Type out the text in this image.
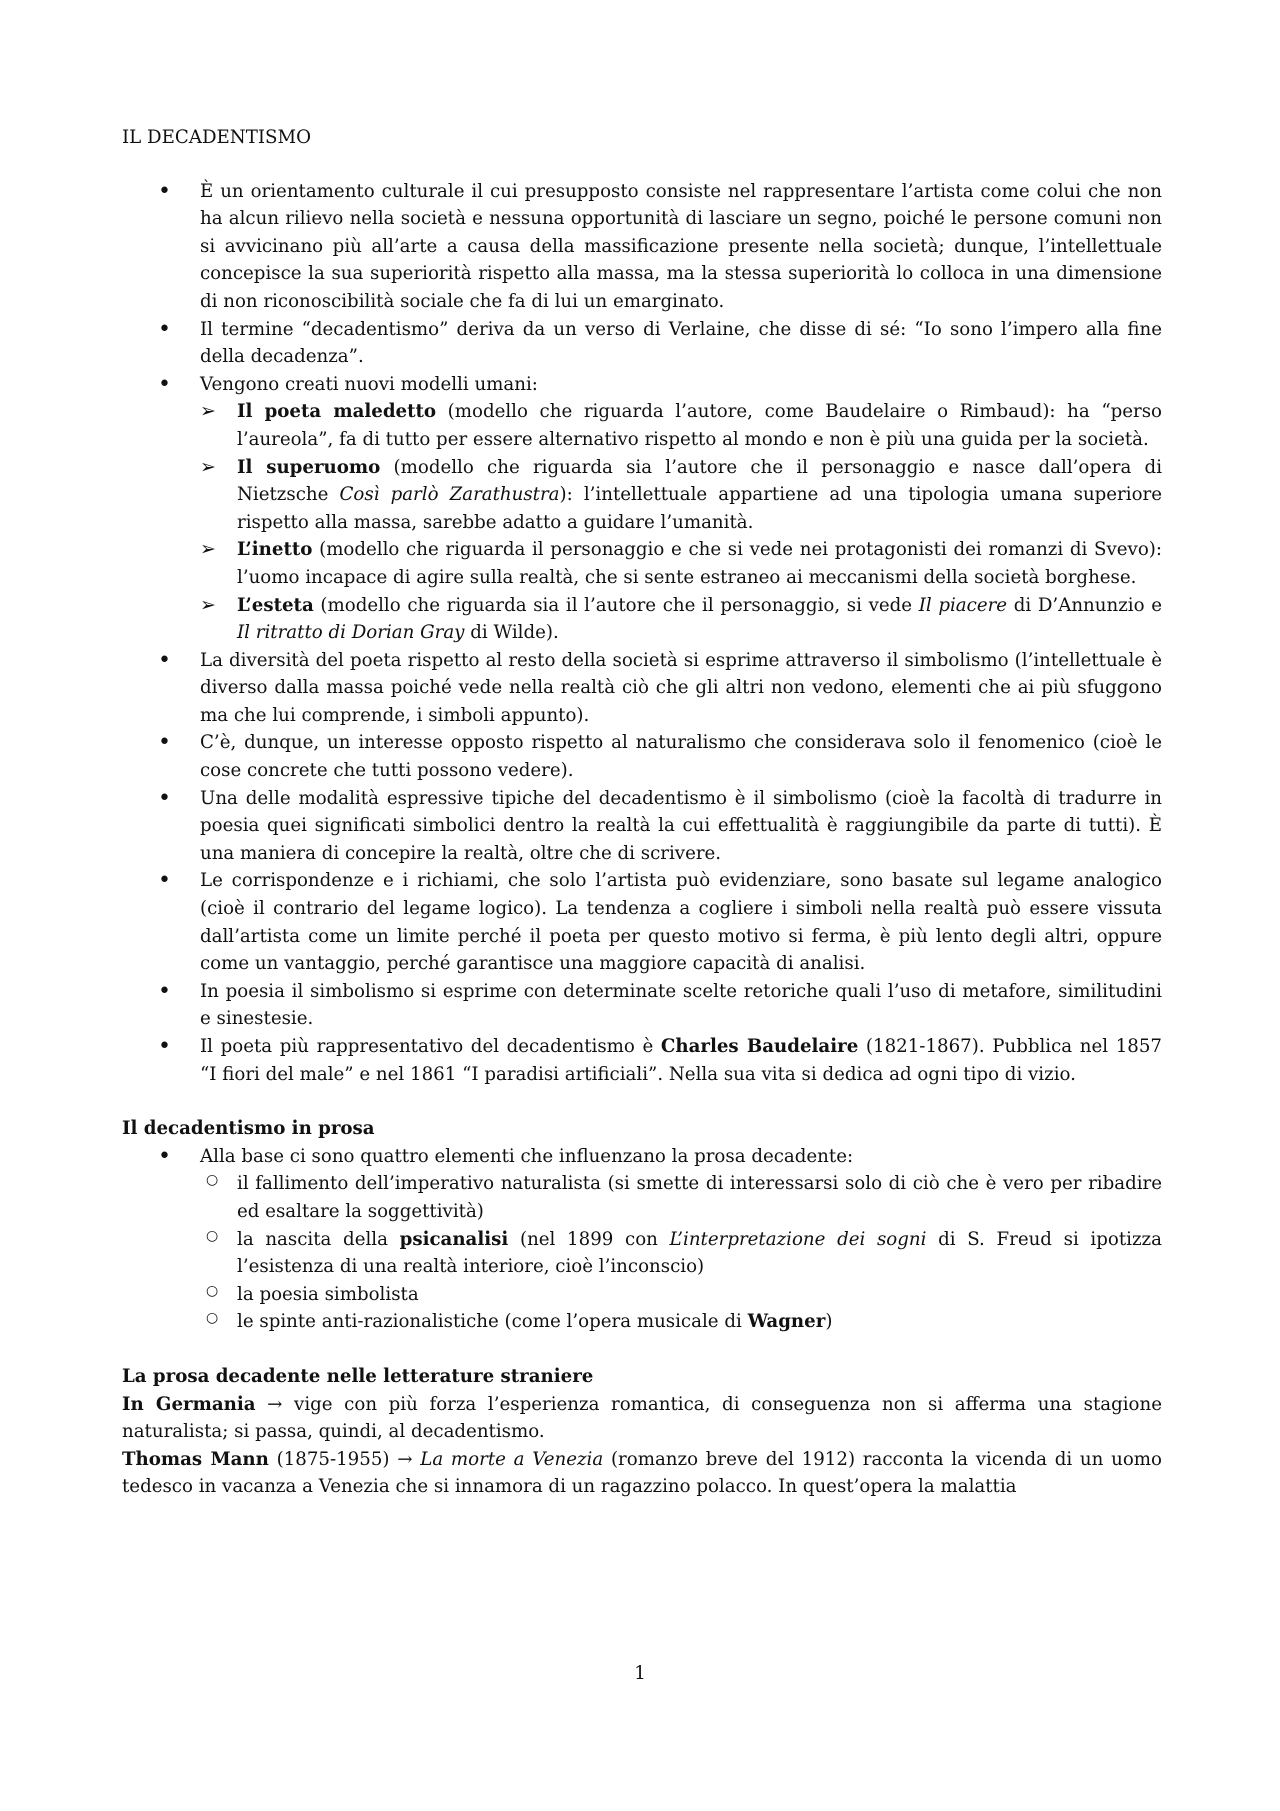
IL DECADENTISMO
• È un orientamento culturale il cui presupposto consiste nel rappresentare l’artista come colui che non ha alcun rilievo nella società e nessuna opportunità di lasciare un segno, poiché le persone comuni non si avvicinano più all’arte a causa della massificazione presente nella società; dunque, l’intellettuale concepisce la sua superiorità rispetto alla massa, ma la stessa superiorità lo colloca in una dimensione di non riconoscibilità sociale che fa di lui un emarginato.
• Il termine “decadentismo” deriva da un verso di Verlaine, che disse di sé: “Io sono l’impero alla fine della decadenza”.
• Vengono creati nuovi modelli umani:
➢ Il poeta maledetto (modello che riguarda l’autore, come Baudelaire o Rimbaud): ha “perso l’aureola”, fa di tutto per essere alternativo rispetto al mondo e non è più una guida per la società.
➢ Il superuomo (modello che riguarda sia l’autore che il personaggio e nasce dall’opera di Nietzsche Così parlò Zarathustra): l’intellettuale appartiene ad una tipologia umana superiore rispetto alla massa, sarebbe adatto a guidare l’umanità.
➢ L’inetto (modello che riguarda il personaggio e che si vede nei protagonisti dei romanzi di Svevo): l’uomo incapace di agire sulla realtà, che si sente estraneo ai meccanismi della società borghese.
➢ L’esteta (modello che riguarda sia il l’autore che il personaggio, si vede Il piacere di D’Annunzio e Il ritratto di Dorian Gray di Wilde).
• La diversità del poeta rispetto al resto della società si esprime attraverso il simbolismo (l’intellettuale è diverso dalla massa poiché vede nella realtà ciò che gli altri non vedono, elementi che ai più sfuggono ma che lui comprende, i simboli appunto).
• C’è, dunque, un interesse opposto rispetto al naturalismo che considerava solo il fenomenico (cioè le cose concrete che tutti possono vedere).
• Una delle modalità espressive tipiche del decadentismo è il simbolismo (cioè la facoltà di tradurre in poesia quei significati simbolici dentro la realtà la cui effettualità è raggiungibile da parte di tutti). È una maniera di concepire la realtà, oltre che di scrivere.
• Le corrispondenze e i richiami, che solo l’artista può evidenziare, sono basate sul legame analogico (cioè il contrario del legame logico). La tendenza a cogliere i simboli nella realtà può essere vissuta dall’artista come un limite perché il poeta per questo motivo si ferma, è più lento degli altri, oppure come un vantaggio, perché garantisce una maggiore capacità di analisi.
• In poesia il simbolismo si esprime con determinate scelte retoriche quali l’uso di metafore, similitudini e sinestesie.
• Il poeta più rappresentativo del decadentismo è Charles Baudelaire (1821-1867). Pubblica nel 1857 “I fiori del male” e nel 1861 “I paradisi artificiali”. Nella sua vita si dedica ad ogni tipo di vizio.
Il decadentismo in prosa
• Alla base ci sono quattro elementi che influenzano la prosa decadente:
○ il fallimento dell’imperativo naturalista (si smette di interessarsi solo di ciò che è vero per ribadire ed esaltare la soggettività)
○ la nascita della psicanalisi (nel 1899 con L’interpretazione dei sogni di S. Freud si ipotizza l’esistenza di una realtà interiore, cioè l’inconscio)
○ la poesia simbolista
○ le spinte anti-razionalistiche (come l’opera musicale di Wagner)
La prosa decadente nelle letterature straniere

In Germania → vige con più forza l’esperienza romantica, di conseguenza non si afferma una stagione naturalista; si passa, quindi, al decadentismo.

Thomas Mann (1875-1955) → La morte a Venezia (romanzo breve del 1912) racconta la vicenda di un uomo tedesco in vacanza a Venezia che si innamora di un ragazzino polacco. In quest’opera la malattia

1
